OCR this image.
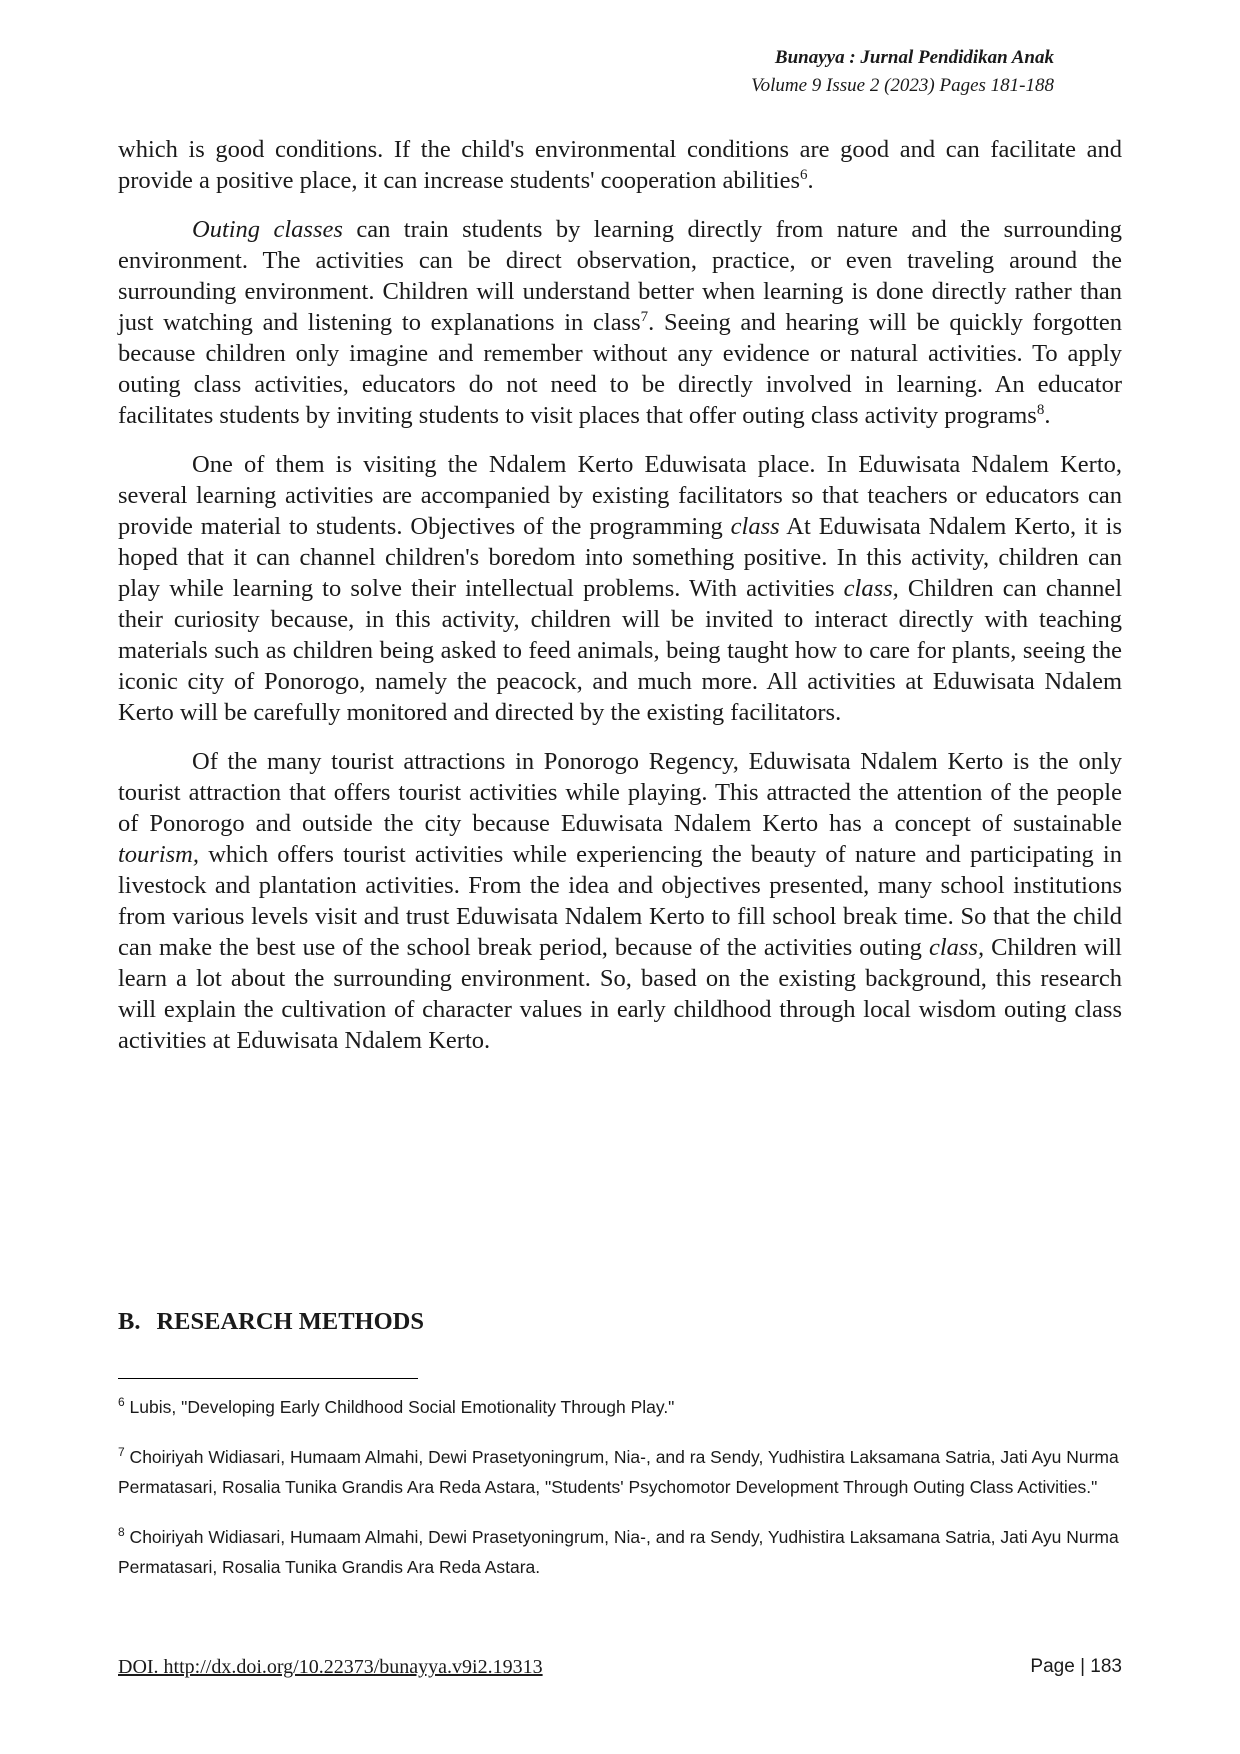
Bunayya : Jurnal Pendidikan Anak
Volume 9 Issue 2 (2023) Pages 181-188

which is good conditions. If the child's environmental conditions are good and can facilitate and provide a positive place, it can increase students' cooperation abilities$^6$.

Outing classes can train students by learning directly from nature and the surrounding environment. The activities can be direct observation, practice, or even traveling around the surrounding environment. Children will understand better when learning is done directly rather than just watching and listening to explanations in class$^7$. Seeing and hearing will be quickly forgotten because children only imagine and remember without any evidence or natural activities. To apply outing class activities, educators do not need to be directly involved in learning. An educator facilitates students by inviting students to visit places that offer outing class activity programs$^8$.

One of them is visiting the Ndalem Kerto Eduwisata place. In Eduwisata Ndalem Kerto, several learning activities are accompanied by existing facilitators so that teachers or educators can provide material to students. Objectives of the programming class At Eduwisata Ndalem Kerto, it is hoped that it can channel children's boredom into something positive. In this activity, children can play while learning to solve their intellectual problems. With activities class, Children can channel their curiosity because, in this activity, children will be invited to interact directly with teaching materials such as children being asked to feed animals, being taught how to care for plants, seeing the iconic city of Ponorogo, namely the peacock, and much more. All activities at Eduwisata Ndalem Kerto will be carefully monitored and directed by the existing facilitators.

Of the many tourist attractions in Ponorogo Regency, Eduwisata Ndalem Kerto is the only tourist attraction that offers tourist activities while playing. This attracted the attention of the people of Ponorogo and outside the city because Eduwisata Ndalem Kerto has a concept of sustainable tourism, which offers tourist activities while experiencing the beauty of nature and participating in livestock and plantation activities. From the idea and objectives presented, many school institutions from various levels visit and trust Eduwisata Ndalem Kerto to fill school break time. So that the child can make the best use of the school break period, because of the activities outing class, Children will learn a lot about the surrounding environment. So, based on the existing background, this research will explain the cultivation of character values in early childhood through local wisdom outing class activities at Eduwisata Ndalem Kerto.

B. RESEARCH METHODS
$^6$ Lubis, "Developing Early Childhood Social Emotionality Through Play."
$^7$ Choiriyah Widiasari, Humaam Almahi, Dewi Prasetyoningrum, Nia-, and ra Sendy, Yudhistira Laksamana Satria, Jati Ayu Nurma Permatasari, Rosalia Tunika Grandis Ara Reda Astara, "Students' Psychomotor Development Through Outing Class Activities."
$^8$ Choiriyah Widiasari, Humaam Almahi, Dewi Prasetyoningrum, Nia-, and ra Sendy, Yudhistira Laksamana Satria, Jati Ayu Nurma Permatasari, Rosalia Tunika Grandis Ara Reda Astara.
DOI. http://dx.doi.org/10.22373/bunayya.v9i2.19313	Page | 183
